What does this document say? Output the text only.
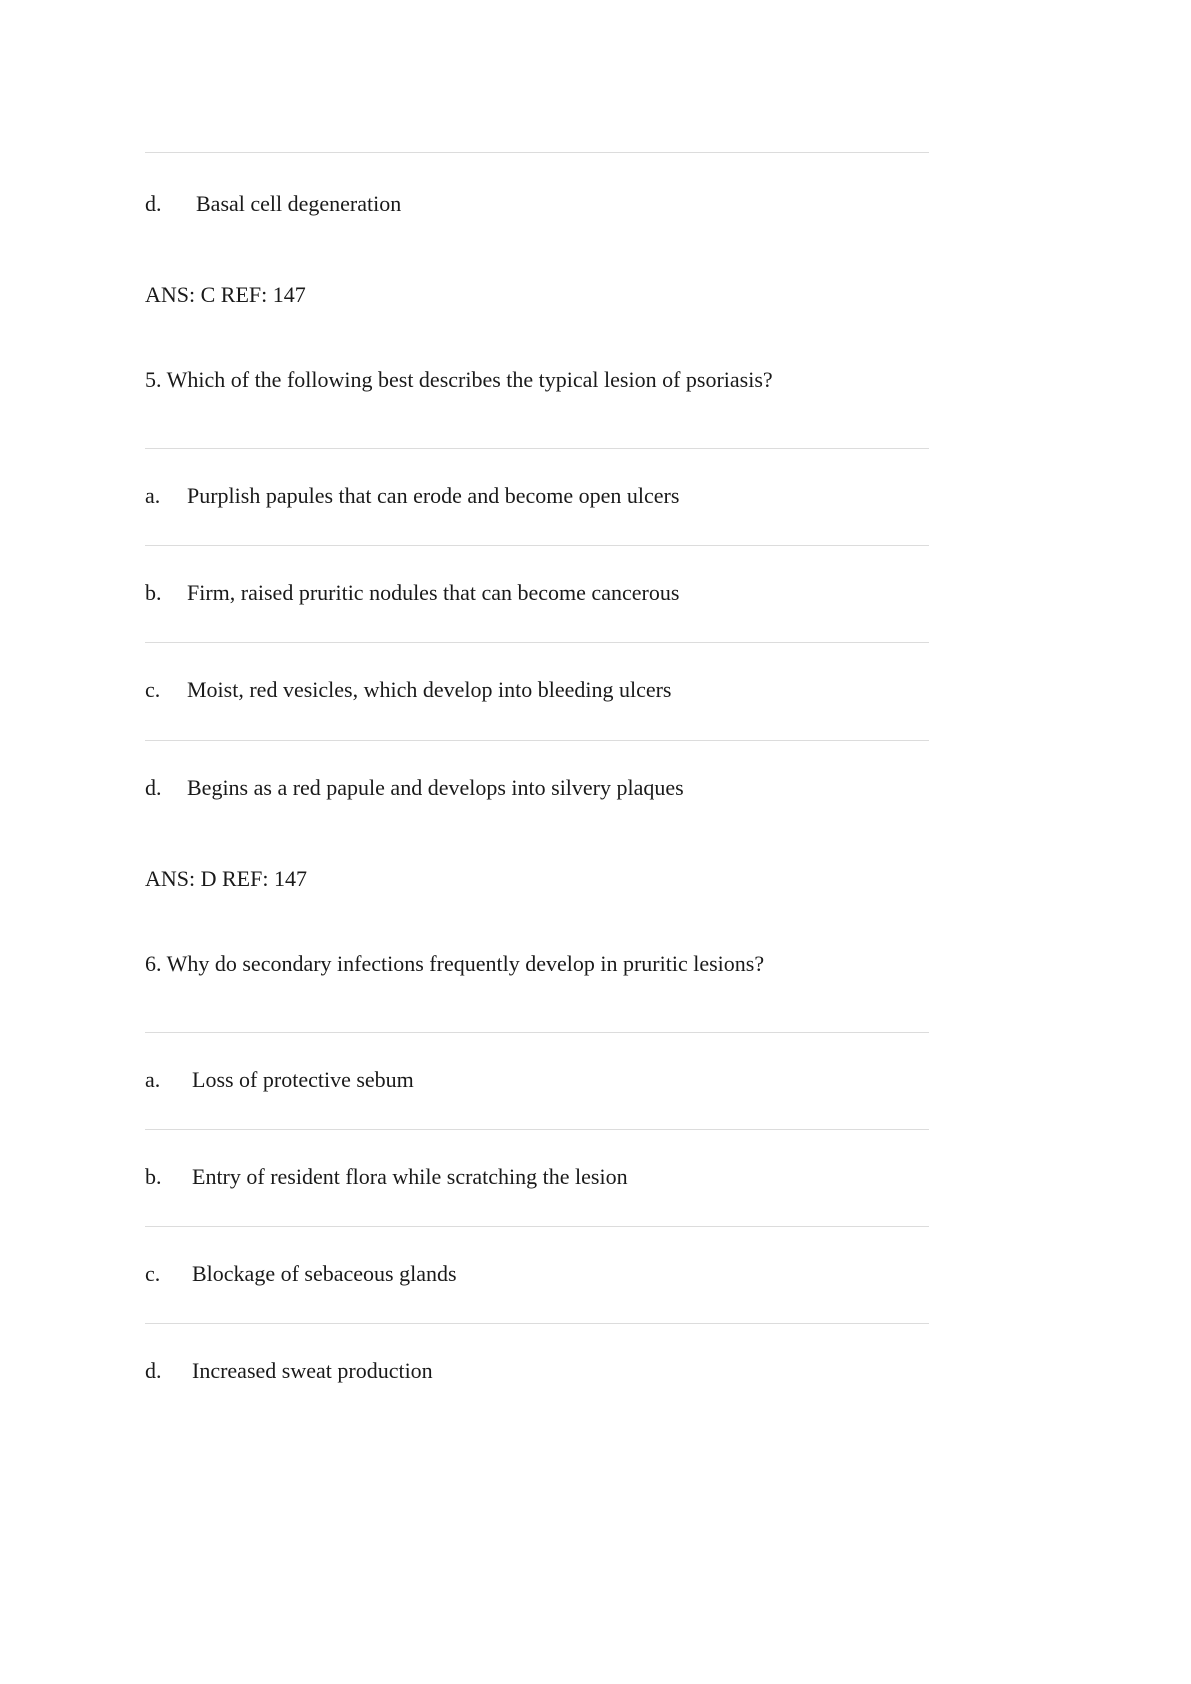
d. Basal cell degeneration
ANS: C REF: 147
5. Which of the following best describes the typical lesion of psoriasis?
a. Purplish papules that can erode and become open ulcers
b. Firm, raised pruritic nodules that can become cancerous
c. Moist, red vesicles, which develop into bleeding ulcers
d. Begins as a red papule and develops into silvery plaques
ANS: D REF: 147
6. Why do secondary infections frequently develop in pruritic lesions?
a. Loss of protective sebum
b. Entry of resident flora while scratching the lesion
c. Blockage of sebaceous glands
d. Increased sweat production
